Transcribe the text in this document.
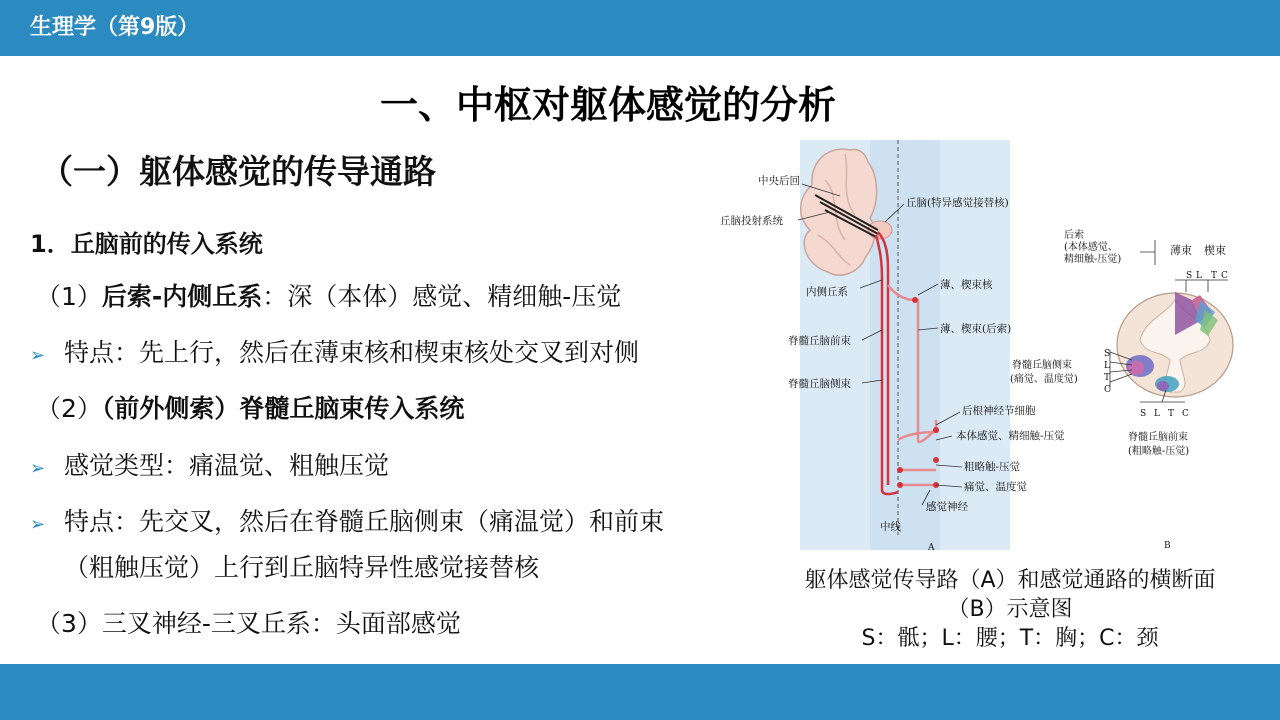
生理学（第9版）
一、中枢对躯体感觉的分析
（一）躯体感觉的传导通路
1．丘脑前的传入系统
（1）后索-内侧丘系：深（本体）感觉、精细触-压觉
➢ 特点：先上行，然后在薄束核和楔束核处交叉到对侧
（2）（前外侧索）脊髓丘脑束传入系统
➢ 感觉类型：痛温觉、粗触压觉
➢ 特点：先交叉，然后在脊髓丘脑侧束（痛温觉）和前束
（粗触压觉）上行到丘脑特异性感觉接替核
（3）三叉神经-三叉丘系：头面部感觉
中央后回
丘脑投射系统
内侧丘系
丘脑(特异感觉接替核)
薄、楔束核
薄、楔束(后索)
脊髓丘脑前束
脊髓丘脑侧束
后根神经节细胞
本体感觉、精细触-压觉
粗略触-压觉
痛觉、温度觉
感觉神经
中线
A
后索
(本体感觉、
精细触-压觉)
薄束 楔束
S L T C
脊髓丘脑侧束
(痛觉、温度觉)
S
L
T
C
S L T C
脊髓丘脑前束
(粗略触-压觉)
B
躯体感觉传导路（A）和感觉通路的横断面
（B）示意图
S：骶；L：腰；T：胸；C：颈
